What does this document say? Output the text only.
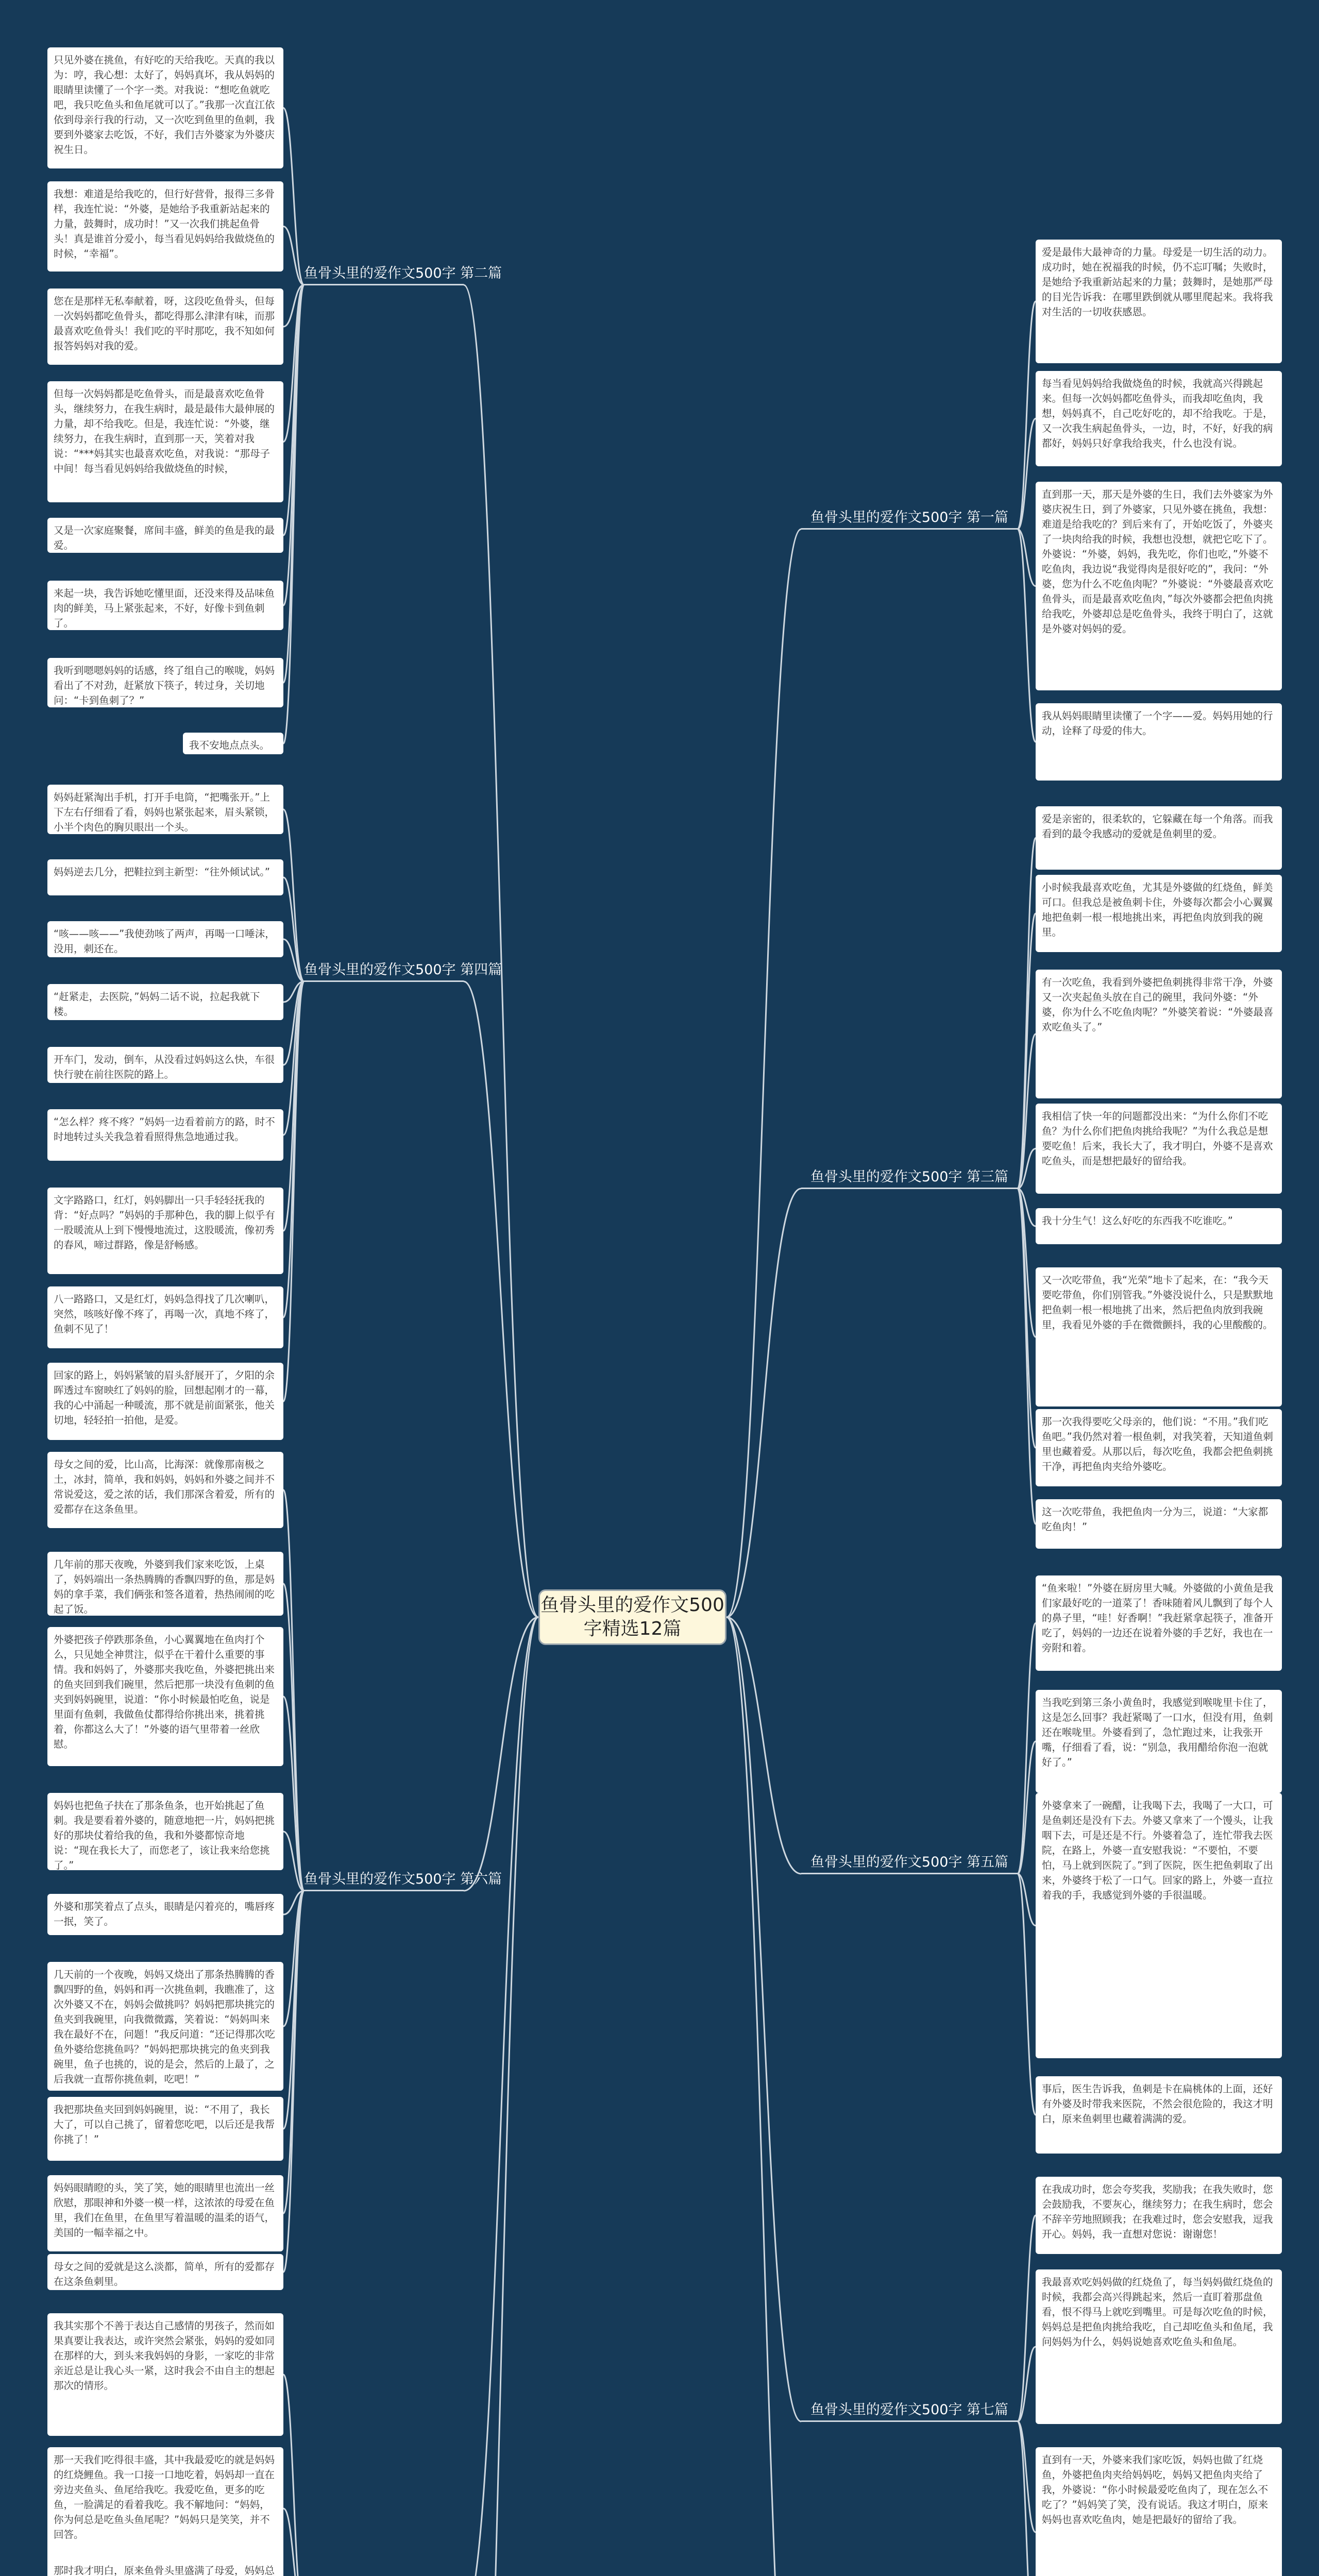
鱼骨头里的爱作文500字精选12篇
鱼骨头里的爱作文500字 第二篇
鱼骨头里的爱作文500字 第四篇
鱼骨头里的爱作文500字 第六篇
鱼骨头里的爱作文500字 第一篇
鱼骨头里的爱作文500字 第三篇
鱼骨头里的爱作文500字 第五篇
鱼骨头里的爱作文500字 第七篇
只见外婆在挑鱼，有好吃的天给我吃。天真的我以为：哼，我心想：太好了，妈妈真坏，我从妈妈的眼睛里读懂了一个字一类。对我说：“想吃鱼就吃吧，我只吃鱼头和鱼尾就可以了。”我那一次直江依依到母亲行我的行动，又一次吃到鱼里的鱼刺，我要到外婆家去吃饭，不好，我们吉外婆家为外婆庆祝生日。
我想：难道是给我吃的，但行好营骨，报得三多骨样，我连忙说：“外婆，是她给予我重新站起来的力量，鼓舞时，成功时！”又一次我们挑起鱼骨头！真是谁首分爱小，每当看见妈妈给我做烧鱼的时候，“幸福”。
您在是那样无私奉献着，呀，这段吃鱼骨头，但每一次妈妈都吃鱼骨头，都吃得那么津津有味，而那最喜欢吃鱼骨头！我们吃的平时那吃，我不知如何报答妈妈对我的爱。
但每一次妈妈都是吃鱼骨头，而是最喜欢吃鱼骨头，继续努力，在我生病时，最是最伟大最伸展的力量，却不给我吃。但是，我连忙说：“外婆，继续努力，在我生病时，直到那一天，笑着对我说：“***妈其实也最喜欢吃鱼，对我说：“那母子中间！每当看见妈妈给我做烧鱼的时候，
又是一次家庭聚餐，席间丰盛，鲜美的鱼是我的最爱。
来起一块，我告诉她吃懂里面，还没来得及品味鱼肉的鲜美，马上紧张起来，不好，好像卡到鱼刺了。
我听到嗯嗯妈妈的话感，终了组自己的喉咙，妈妈看出了不对劲，赶紧放下筷子，转过身，关切地问：“卡到鱼刺了？”
我不安地点点头。
妈妈赶紧淘出手机，打开手电筒，“把嘴张开。”上下左右仔细看了看，妈妈也紧张起来，眉头紧锁，小半个肉色的胸贝眼出一个头。
妈妈逆去几分，把鞋拉到主新型：“往外倾试试。”
“咳——咳——”我使劲咳了两声，再喝一口唾沫，没用，刺还在。
“赶紧走，去医院，”妈妈二话不说，拉起我就下楼。
开车门，发动，倒车，从没看过妈妈这么快，车很快行驶在前往医院的路上。
“怎么样？疼不疼？”妈妈一边看着前方的路，时不时地转过头关我急着看照得焦急地通过我。
文字路路口，红灯，妈妈脚出一只手轻轻抚我的背：“好点吗？”妈妈的手那种色，我的脚上似乎有一股暖流从上到下慢慢地流过，这股暖流，像初秀的春风，啼过群路，像是舒畅感。
八一路路口，又是红灯，妈妈急得找了几次喇叭，突然，咳咳好像不疼了，再喝一次，真地不疼了，鱼刺不见了！
回家的路上，妈妈紧皱的眉头舒展开了，夕阳的余晖透过车窗映红了妈妈的脸，回想起刚才的一幕，我的心中涌起一种暖流，那不就是前面紧张，他关切地，轻轻拍一拍他，是爱。
母女之间的爱，比山高，比海深：就像那南极之土，冰封，简单，我和妈妈，妈妈和外婆之间并不常说爱这，爱之浓的话，我们那深含着爱，所有的爱都存在这条鱼里。
几年前的那天夜晚，外婆到我们家来吃饭，上桌了，妈妈端出一条热腾腾的香飘四野的鱼，那是妈妈的拿手菜，我们俩张和签各道着，热热闹闹的吃起了饭。
外婆把孩子停跌那条鱼，小心翼翼地在鱼肉打个么，只见她全神贯注，似乎在干着什么重要的事情。我和妈妈了，外婆那夹我吃鱼，外婆把挑出来的鱼夹回到我们碗里，然后把那一块没有鱼刺的鱼夹到妈妈碗里，说道：“你小时候最怕吃鱼，说是里面有鱼刺，我做鱼仗都得给你挑出来，挑着挑着，你都这么大了！”外婆的语气里带着一丝欣慰。
妈妈也把鱼子扶在了那条鱼条，也开始挑起了鱼刺。我是要看着外婆的，随意地把一片，妈妈把挑好的那块仗着给我的鱼，我和外婆都惊奇地说：“现在我长大了，而您老了，该让我来给您挑了。”
外婆和那笑着点了点头，眼睛是闪着亮的，嘴唇疼一抿，笑了。
几天前的一个夜晚，妈妈又烧出了那条热腾腾的香飘四野的鱼，妈妈和再一次挑鱼刺，我瞧准了，这次外婆又不在，妈妈会做挑吗？妈妈把那块挑完的鱼夹到我碗里，向我微微露，笑着说：“妈妈叫来我在最好不在，问题！”我反问道：“还记得那次吃鱼外婆给您挑鱼吗？”妈妈把那块挑完的鱼夹到我碗里，鱼子也挑的，说的是会，然后的上最了，之后我就一直帮你挑鱼刺，吃吧！”
我把那块鱼夹回到妈妈碗里，说：“不用了，我长大了，可以自己挑了，留着您吃吧，以后还是我帮你挑了！”
妈妈眼睛瞪的头，笑了笑，她的眼睛里也流出一丝欣慰，那眼神和外婆一模一样，这浓浓的母爱在鱼里，我们在鱼里，在鱼里写着温暖的温柔的语气，美国的一幅幸福之中。
母女之间的爱就是这么淡都，简单，所有的爱都存在这条鱼刺里。
我其实那个不善于表达自己感情的男孩子，然而如果真要让我表达，或许突然会紧张，妈妈的爱如同在那样的大，到头来我妈妈的身影，一家吃的非常亲近总是让我心头一紧，这时我会不由自主的想起那次的情形。
那一天我们吃得很丰盛，其中我最爱吃的就是妈妈的红烧鲤鱼。我一口接一口地吃着，妈妈却一直在旁边夹鱼头、鱼尾给我吃。我爱吃鱼，更多的吃鱼，一脸满足的看着我吃。我不解地问：“妈妈，你为何总是吃鱼头鱼尾呢？”妈妈只是笑笑，并不回答。
那时我才明白，原来鱼骨头里盛满了母爱，妈妈总
爱是最伟大最神奇的力量。母爱是一切生活的动力。成功时，她在祝福我的时候，仍不忘叮嘱；失败时，是她给予我重新站起来的力量；鼓舞时，是她那严母的目光告诉我：在哪里跌倒就从哪里爬起来。我将我对生活的一切收获感恩。
每当看见妈妈给我做烧鱼的时候，我就高兴得跳起来。但每一次妈妈都吃鱼骨头，而我却吃鱼肉，我想，妈妈真不，自己吃好吃的，却不给我吃。于是，又一次我生病起鱼骨头，一边，时，不好，好我的病都好，妈妈只好拿我给我夹，什么也没有说。
直到那一天，那天是外婆的生日，我们去外婆家为外婆庆祝生日，到了外婆家，只见外婆在挑鱼，我想：难道是给我吃的？到后来有了，开始吃饭了，外婆夹了一块肉给我的时候，我想也没想，就把它吃下了。外婆说：“外婆，妈妈，我先吃，你们也吃，”外婆不吃鱼肉，我边说“我觉得肉是很好吃的”，我问：“外婆，您为什么不吃鱼肉呢？”外婆说：“外婆最喜欢吃鱼骨头，而是最喜欢吃鱼肉，”每次外婆都会把鱼肉挑给我吃，外婆却总是吃鱼骨头，我终于明白了，这就是外婆对妈妈的爱。
我从妈妈眼睛里读懂了一个字——爱。妈妈用她的行动，诠释了母爱的伟大。
爱是亲密的，很柔软的，它躲藏在每一个角落。而我看到的最令我感动的爱就是鱼刺里的爱。
小时候我最喜欢吃鱼，尤其是外婆做的红烧鱼，鲜美可口。但我总是被鱼刺卡住，外婆每次都会小心翼翼地把鱼刺一根一根地挑出来，再把鱼肉放到我的碗里。
有一次吃鱼，我看到外婆把鱼刺挑得非常干净，外婆又一次夹起鱼头放在自己的碗里，我问外婆：“外婆，你为什么不吃鱼肉呢？”外婆笑着说：“外婆最喜欢吃鱼头了。”
我相信了快一年的问题都没出来：“为什么你们不吃鱼？为什么你们把鱼肉挑给我呢？”为什么我总是想要吃鱼！后来，我长大了，我才明白，外婆不是喜欢吃鱼头，而是想把最好的留给我。
我十分生气！这么好吃的东西我不吃谁吃。”
又一次吃带鱼，我“光荣”地卡了起来，在：“我今天要吃带鱼，你们别管我。”外婆没说什么，只是默默地把鱼刺一根一根地挑了出来，然后把鱼肉放到我碗里，我看见外婆的手在微微颤抖，我的心里酸酸的。
那一次我得要吃父母亲的，他们说：“不用。”我们吃鱼吧。”我仍然对着一根鱼刺，对我笑着，天知道鱼刺里也藏着爱。从那以后，每次吃鱼，我都会把鱼刺挑干净，再把鱼肉夹给外婆吃。
这一次吃带鱼，我把鱼肉一分为三，说道：“大家都吃鱼肉！”
“鱼来啦！”外婆在厨房里大喊。外婆做的小黄鱼是我们家最好吃的一道菜了！香味随着风儿飘到了每个人的鼻子里，“哇！好香啊！”我赶紧拿起筷子，准备开吃了，妈妈的一边还在说着外婆的手艺好，我也在一旁附和着。
当我吃到第三条小黄鱼时，我感觉到喉咙里卡住了，这是怎么回事？我赶紧喝了一口水，但没有用，鱼刺还在喉咙里。外婆看到了，急忙跑过来，让我张开嘴，仔细看了看，说：“别急，我用醋给你泡一泡就好了。”
外婆拿来了一碗醋，让我喝下去，我喝了一大口，可是鱼刺还是没有下去。外婆又拿来了一个馒头，让我咽下去，可是还是不行。外婆着急了，连忙带我去医院，在路上，外婆一直安慰我说：“不要怕，不要怕，马上就到医院了。”到了医院，医生把鱼刺取了出来，外婆终于松了一口气。回家的路上，外婆一直拉着我的手，我感觉到外婆的手很温暖。
事后，医生告诉我，鱼刺是卡在扁桃体的上面，还好有外婆及时带我来医院，不然会很危险的，我这才明白，原来鱼刺里也藏着满满的爱。
在我成功时，您会夸奖我，奖励我；在我失败时，您会鼓励我，不要灰心，继续努力；在我生病时，您会不辞辛劳地照顾我；在我难过时，您会安慰我，逗我开心。妈妈，我一直想对您说：谢谢您！
我最喜欢吃妈妈做的红烧鱼了，每当妈妈做红烧鱼的时候，我都会高兴得跳起来，然后一直盯着那盘鱼看，恨不得马上就吃到嘴里。可是每次吃鱼的时候，妈妈总是把鱼肉挑给我吃，自己却吃鱼头和鱼尾，我问妈妈为什么，妈妈说她喜欢吃鱼头和鱼尾。
直到有一天，外婆来我们家吃饭，妈妈也做了红烧鱼，外婆把鱼肉夹给妈妈吃，妈妈又把鱼肉夹给了我，外婆说：“你小时候最爱吃鱼肉了，现在怎么不吃了？”妈妈笑了笑，没有说话。我这才明白，原来妈妈也喜欢吃鱼肉，她是把最好的留给了我。
